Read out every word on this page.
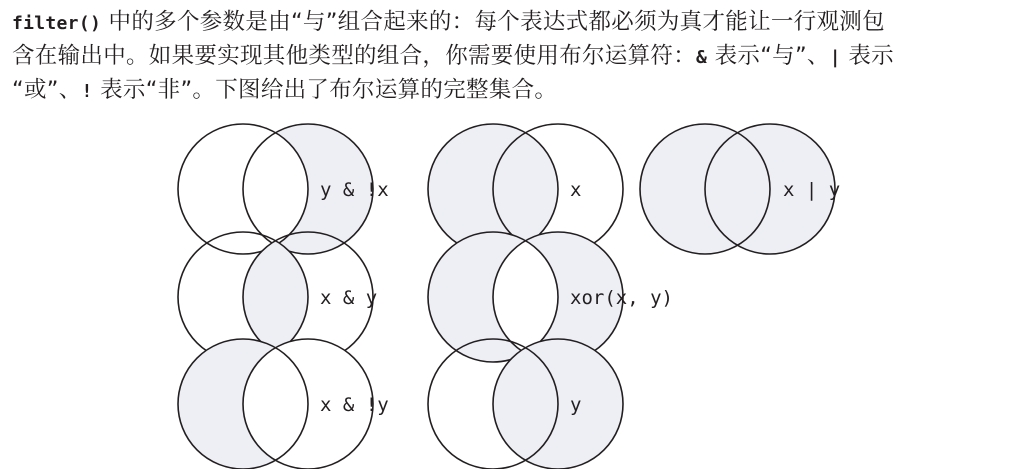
filter() 中的多个参数是由“与”组合起来的：每个表达式都必须为真才能让一行观测包
含在输出中。如果要实现其他类型的组合，你需要使用布尔运算符：& 表示“与”、| 表示
“或”、! 表示“非”。下图给出了布尔运算的完整集合。
y & !x	x	x | y
x & y	xor(x, y)
x & !y	y
